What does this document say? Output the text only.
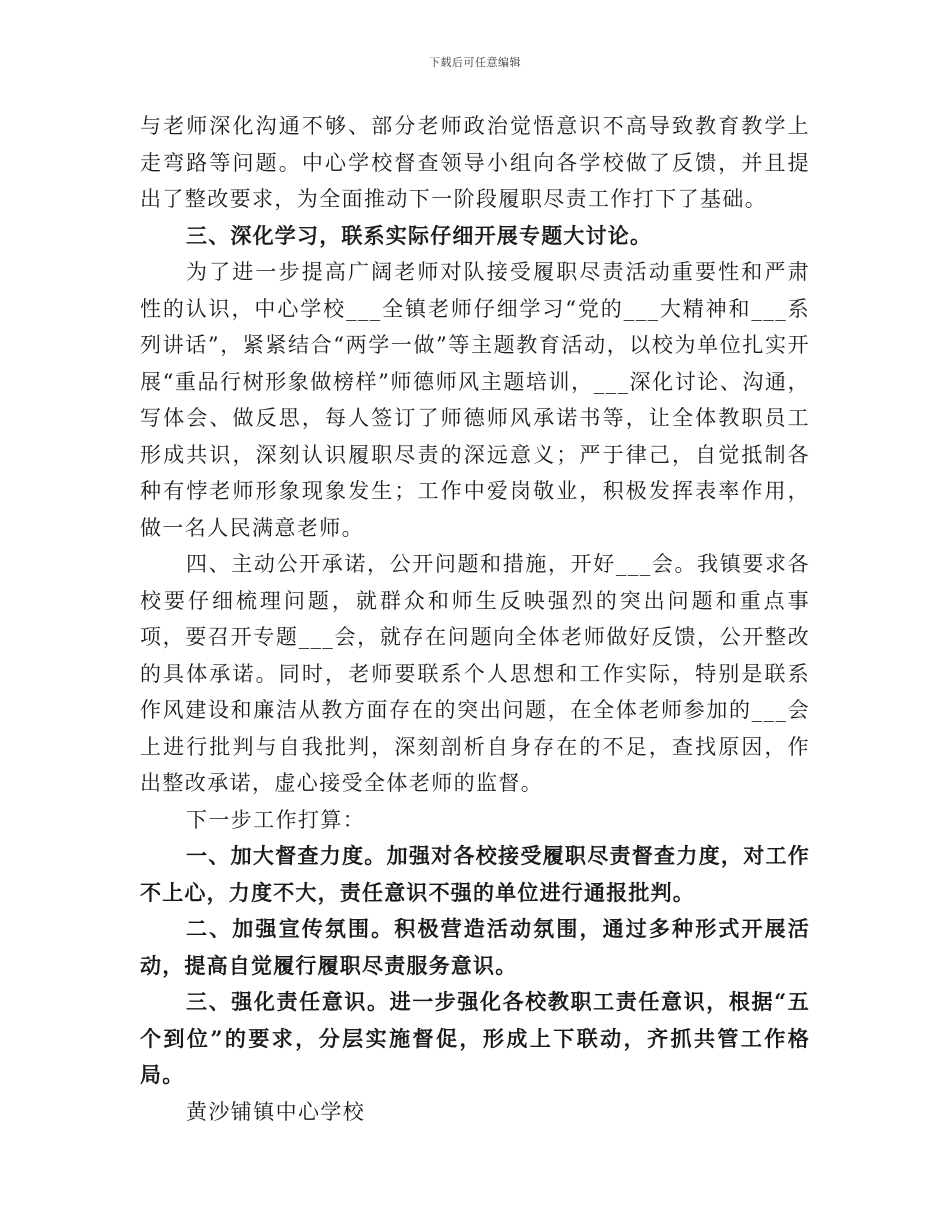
下载后可任意编辑

与老师深化沟通不够、部分老师政治觉悟意识不高导致教育教学上走弯路等问题。中心学校督查领导小组向各学校做了反馈，并且提出了整改要求，为全面推动下一阶段履职尽责工作打下了基础。

三、深化学习，联系实际仔细开展专题大讨论。

为了进一步提高广阔老师对队接受履职尽责活动重要性和严肃性的认识，中心学校___全镇老师仔细学习“党的___大精神和___系列讲话”，紧紧结合“两学一做”等主题教育活动，以校为单位扎实开展“重品行树形象做榜样”师德师风主题培训，___深化讨论、沟通，写体会、做反思，每人签订了师德师风承诺书等，让全体教职员工形成共识，深刻认识履职尽责的深远意义；严于律己，自觉抵制各种有悖老师形象现象发生；工作中爱岗敬业，积极发挥表率作用，做一名人民满意老师。

四、主动公开承诺，公开问题和措施，开好___会。我镇要求各校要仔细梳理问题，就群众和师生反映强烈的突出问题和重点事项，要召开专题___会，就存在问题向全体老师做好反馈，公开整改的具体承诺。同时，老师要联系个人思想和工作实际，特别是联系作风建设和廉洁从教方面存在的突出问题，在全体老师参加的___会上进行批判与自我批判，深刻剖析自身存在的不足，查找原因，作出整改承诺，虚心接受全体老师的监督。

下一步工作打算：

一、加大督查力度。加强对各校接受履职尽责督查力度，对工作不上心，力度不大，责任意识不强的单位进行通报批判。

二、加强宣传氛围。积极营造活动氛围，通过多种形式开展活动，提高自觉履行履职尽责服务意识。

三、强化责任意识。进一步强化各校教职工责任意识，根据“五个到位”的要求，分层实施督促，形成上下联动，齐抓共管工作格局。

黄沙铺镇中心学校
